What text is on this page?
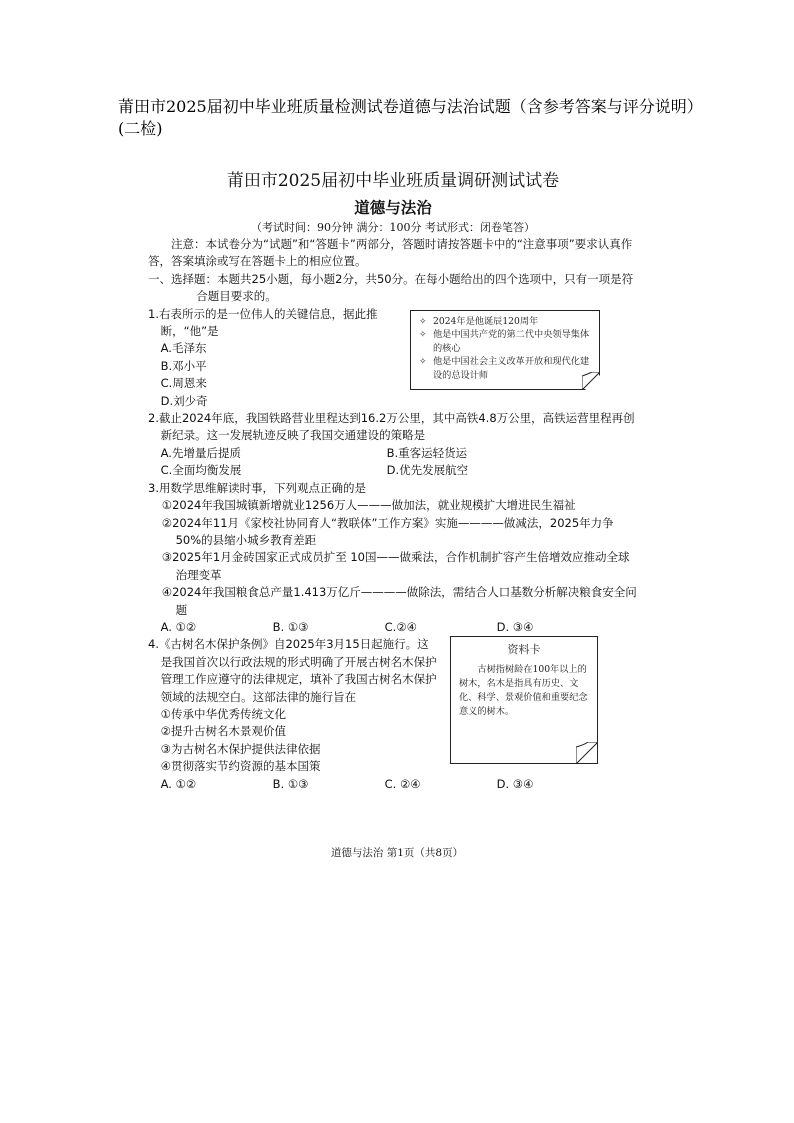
莆田市2025届初中毕业班质量检测试卷道德与法治试题（含参考答案与评分说明）(二检)
莆田市2025届初中毕业班质量调研测试试卷
道德与法治
（考试时间：90分钟 满分：100分 考试形式：闭卷笔答）

注意：本试卷分为“试题”和“答题卡”两部分，答题时请按答题卡中的“注意事项”要求认真作答，答案填涂或写在答题卡上的相应位置。

一、选择题：本题共25小题，每小题2分，共50分。在每小题给出的四个选项中，只有一项是符合题目要求的。

1.右表所示的是一位伟人的关键信息，据此推断，“他”是

A.毛泽东

B.邓小平

C.周恩来

D.刘少奇

✧ 2024年是他诞辰120周年
✧ 他是中国共产党的第二代中央领导集体的核心
✧ 他是中国社会主义改革开放和现代化建设的总设计师

2.截止2024年底，我国铁路营业里程达到16.2万公里，其中高铁4.8万公里，高铁运营里程再创新纪录。这一发展轨迹反映了我国交通建设的策略是

A.先增量后提质	B.重客运轻货运
C.全面均衡发展	D.优先发展航空

3.用数学思维解读时事，下列观点正确的是

①2024年我国城镇新增就业1256万人———做加法，就业规模扩大增进民生福祉

②2024年11月《家校社协同育人“教联体”工作方案》实施————做减法，2025年力争50%的县缩小城乡教育差距

③2025年1月金砖国家正式成员扩至 10国——做乘法，合作机制扩容产生倍增效应推动全球治理变革

④2024年我国粮食总产量1.413万亿斤————做除法，需结合人口基数分析解决粮食安全问题

A. ①②	B. ①③	C.②④	D. ③④

4.《古树名木保护条例》自2025年3月15日起施行。这是我国首次以行政法规的形式明确了开展古树名木保护管理工作应遵守的法律规定，填补了我国古树名木保护领域的法规空白。这部法律的施行旨在

①传承中华优秀传统文化

②提升古树名木景观价值

③为古树名木保护提供法律依据

④贯彻落实节约资源的基本国策

A. ①②	B. ①③	C. ②④	D. ③④
资料卡
古树指树龄在100年以上的树木，名木是指具有历史、文化、科学、景观价值和重要纪念意义的树木。
道德与法治 第1页（共8页）
